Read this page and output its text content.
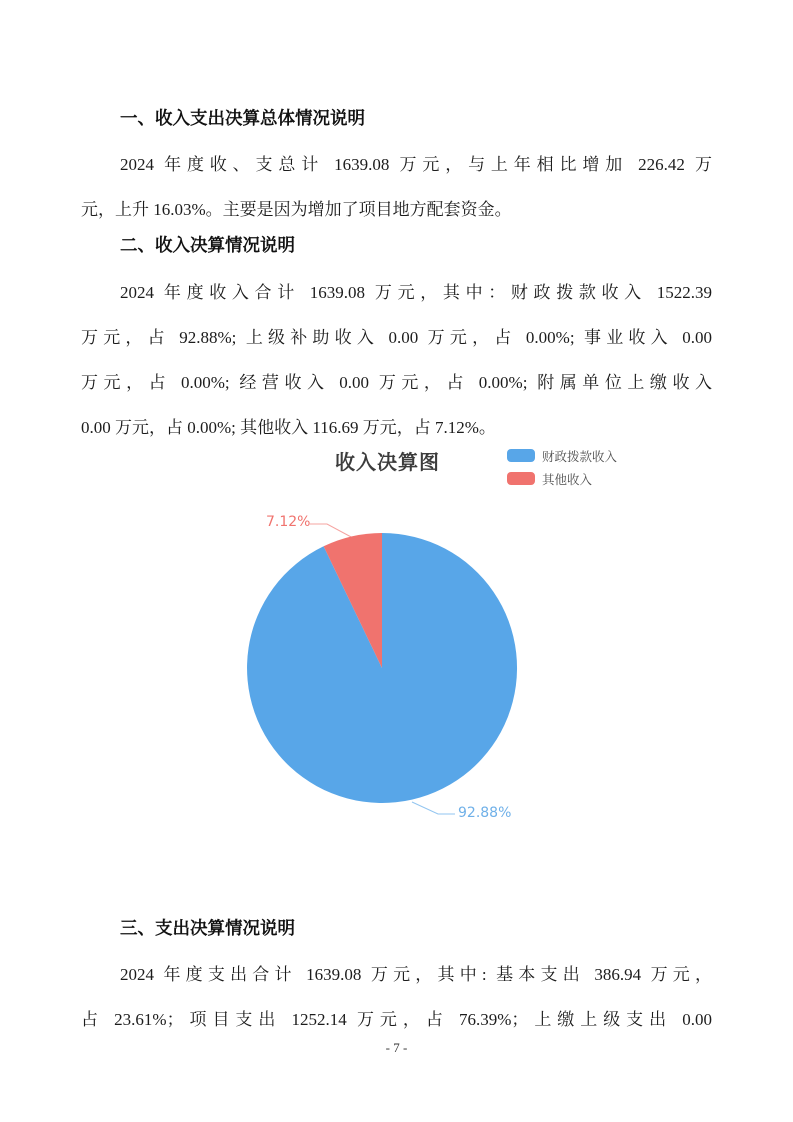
一、收入支出决算总体情况说明
2024 年度收、支总计 1639.08 万元，与上年相比增加 226.42 万
元，上升 16.03%。主要是因为增加了项目地方配套资金。
二、收入决算情况说明
2024 年度收入合计 1639.08 万元，其中：财政拨款收入 1522.39
万元，占 92.88%; 上级补助收入 0.00 万元，占 0.00%; 事业收入 0.00
万元，占 0.00%; 经营收入 0.00 万元，占 0.00%; 附属单位上缴收入
0.00 万元，占 0.00%; 其他收入 116.69 万元，占 7.12%。
收入决算图	财政拨款收入
其他收入
7.12%
92.88%
三、支出决算情况说明
2024 年度支出合计 1639.08 万元，其中: 基本支出 386.94 万元，
占 23.61%；项目支出 1252.14 万元，占 76.39%；上缴上级支出 0.00
- 7 -
